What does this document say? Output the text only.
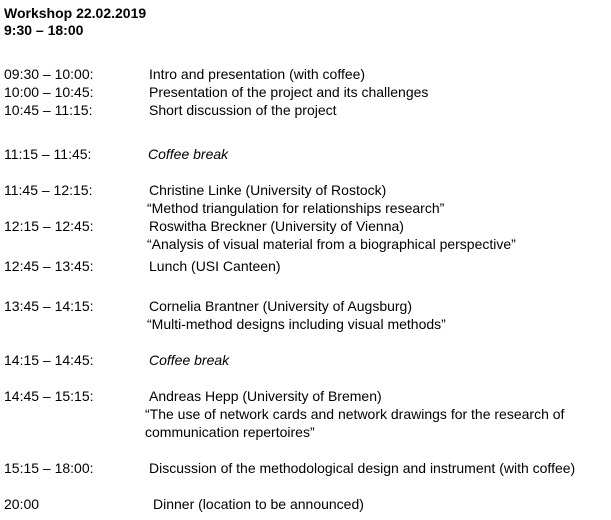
Workshop 22.02.2019
9:30 – 18:00
09:30 – 10:00:	Intro and presentation (with coffee)
10:00 – 10:45:	Presentation of the project and its challenges
10:45 – 11:15:	Short discussion of the project
11:15 – 11:45:	Coffee break
11:45 – 12:15:	Christine Linke (University of Rostock)
“Method triangulation for relationships research”
12:15 – 12:45:	Roswitha Breckner (University of Vienna)
“Analysis of visual material from a biographical perspective”
12:45 – 13:45:	Lunch (USI Canteen)
13:45 – 14:15:	Cornelia Brantner (University of Augsburg)
“Multi-method designs including visual methods”
14:15 – 14:45:	Coffee break
14:45 – 15:15:	Andreas Hepp (University of Bremen)
“The use of network cards and network drawings for the research of
communication repertoires”
15:15 – 18:00:	Discussion of the methodological design and instrument (with coffee)
20:00	Dinner (location to be announced)
